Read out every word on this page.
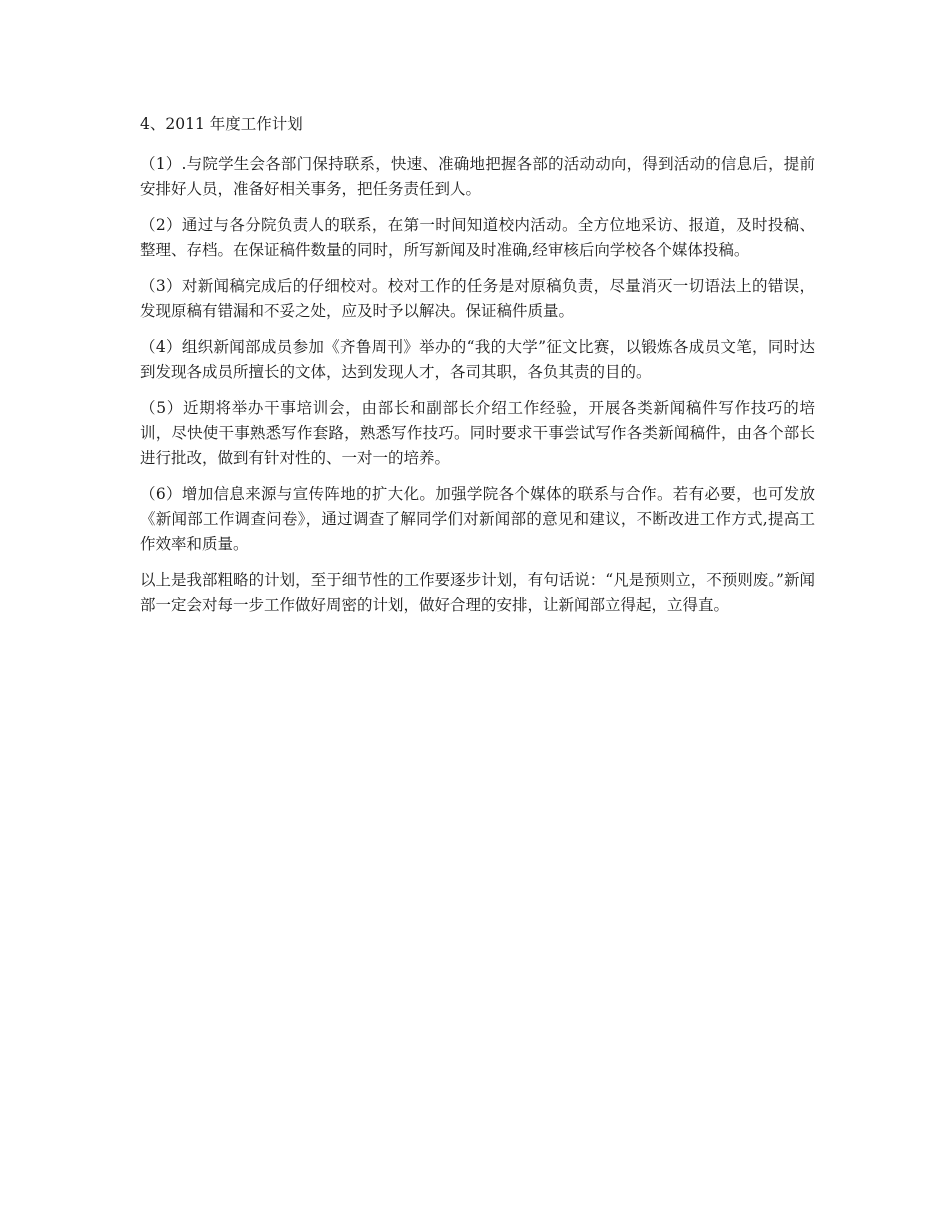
4、2011 年度工作计划

（1）.与院学生会各部门保持联系，快速、准确地把握各部的活动动向，得到活动的信息后，提前安排好人员，准备好相关事务，把任务责任到人。

（2）通过与各分院负责人的联系，在第一时间知道校内活动。全方位地采访、报道，及时投稿、整理、存档。在保证稿件数量的同时，所写新闻及时准确,经审核后向学校各个媒体投稿。

（3）对新闻稿完成后的仔细校对。校对工作的任务是对原稿负责，尽量消灭一切语法上的错误，发现原稿有错漏和不妥之处，应及时予以解决。保证稿件质量。

（4）组织新闻部成员参加《齐鲁周刊》举办的“我的大学”征文比赛，以锻炼各成员文笔，同时达到发现各成员所擅长的文体，达到发现人才，各司其职，各负其责的目的。

（5）近期将举办干事培训会，由部长和副部长介绍工作经验，开展各类新闻稿件写作技巧的培训，尽快使干事熟悉写作套路，熟悉写作技巧。同时要求干事尝试写作各类新闻稿件，由各个部长进行批改，做到有针对性的、一对一的培养。

（6）增加信息来源与宣传阵地的扩大化。加强学院各个媒体的联系与合作。若有必要，也可发放《新闻部工作调查问卷》，通过调查了解同学们对新闻部的意见和建议，不断改进工作方式,提高工作效率和质量。

以上是我部粗略的计划，至于细节性的工作要逐步计划，有句话说：“凡是预则立，不预则废。”新闻部一定会对每一步工作做好周密的计划，做好合理的安排，让新闻部立得起，立得直。
